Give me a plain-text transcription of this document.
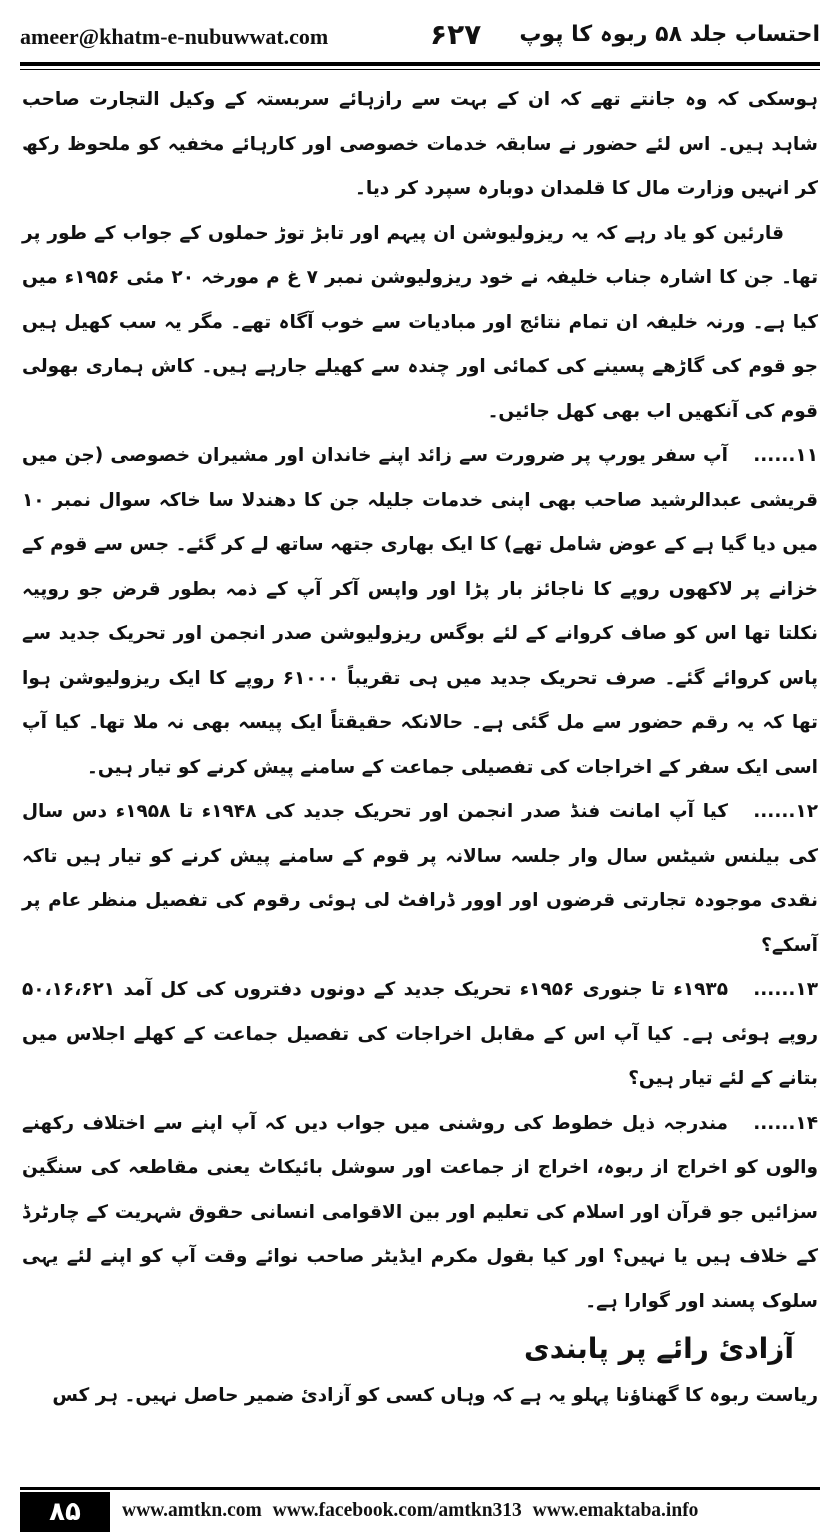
ameer@khatm-e-nubuwwat.com	۶۲۷ احتساب جلد ۵۸ ربوہ کا پوپ

ہوسکی کہ وہ جانتے تھے کہ ان کے بہت سے رازہائے سربستہ کے وکیل التجارت صاحب شاہد ہیں۔ اس لئے حضور نے سابقہ خدمات خصوصی اور کارہائے مخفیہ کو ملحوظ رکھ کر انہیں وزارت مال کا قلمدان دوبارہ سپرد کر دیا۔

قارئین کو یاد رہے کہ یہ ریزولیوشن ان پیہم اور تابڑ توڑ حملوں کے جواب کے طور پر تھا۔ جن کا اشارہ جناب خلیفہ نے خود ریزولیوشن نمبر ۷ غ م مورخہ ۲۰ مئی ۱۹۵۶ء میں کیا ہے۔ ورنہ خلیفہ ان تمام نتائج اور مبادیات سے خوب آگاہ تھے۔ مگر یہ سب کھیل ہیں جو قوم کی گاڑھے پسینے کی کمائی اور چندہ سے کھیلے جارہے ہیں۔ کاش ہماری بھولی قوم کی آنکھیں اب بھی کھل جائیں۔

۱۱......آپ سفر یورپ پر ضرورت سے زائد اپنے خاندان اور مشیران خصوصی (جن میں قریشی عبدالرشید صاحب بھی اپنی خدمات جلیلہ جن کا دھندلا سا خاکہ سوال نمبر ۱۰ میں دیا گیا ہے کے عوض شامل تھے) کا ایک بھاری جتھہ ساتھ لے کر گئے۔ جس سے قوم کے خزانے پر لاکھوں روپے کا ناجائز بار پڑا اور واپس آکر آپ کے ذمہ بطور قرض جو روپیہ نکلتا تھا اس کو صاف کروانے کے لئے بوگس ریزولیوشن صدر انجمن اور تحریک جدید سے پاس کروائے گئے۔ صرف تحریک جدید میں ہی تقریباً ۶۱۰۰۰ روپے کا ایک ریزولیوشن ہوا تھا کہ یہ رقم حضور سے مل گئی ہے۔ حالانکہ حقیقتاً ایک پیسہ بھی نہ ملا تھا۔ کیا آپ اسی ایک سفر کے اخراجات کی تفصیلی جماعت کے سامنے پیش کرنے کو تیار ہیں۔

۱۲......کیا آپ امانت فنڈ صدر انجمن اور تحریک جدید کی ۱۹۴۸ء تا ۱۹۵۸ء دس سال کی بیلنس شیٹس سال وار جلسہ سالانہ پر قوم کے سامنے پیش کرنے کو تیار ہیں تاکہ نقدی موجودہ تجارتی قرضوں اور اوور ڈرافٹ لی ہوئی رقوم کی تفصیل منظر عام پر آسکے؟

۱۳......۱۹۳۵ء تا جنوری ۱۹۵۶ء تحریک جدید کے دونوں دفتروں کی کل آمد ۵۰،۱۶،۶۲۱ روپے ہوئی ہے۔ کیا آپ اس کے مقابل اخراجات کی تفصیل جماعت کے کھلے اجلاس میں بتانے کے لئے تیار ہیں؟

۱۴......مندرجہ ذیل خطوط کی روشنی میں جواب دیں کہ آپ اپنے سے اختلاف رکھنے والوں کو اخراج از ربوہ، اخراج از جماعت اور سوشل بائیکاٹ یعنی مقاطعہ کی سنگین سزائیں جو قرآن اور اسلام کی تعلیم اور بین الاقوامی انسانی حقوق شہریت کے چارٹرڈ کے خلاف ہیں یا نہیں؟ اور کیا بقول مکرم ایڈیٹر صاحب نوائے وقت آپ کو اپنے لئے یہی سلوک پسند اور گوارا ہے۔

آزادیٔ رائے پر پابندی

ریاست ربوہ کا گھناؤنا پہلو یہ ہے کہ وہاں کسی کو آزادیٔ ضمیر حاصل نہیں۔ ہر کس

۸۵	www.amtkn.com www.facebook.com/amtkn313 www.emaktaba.info
